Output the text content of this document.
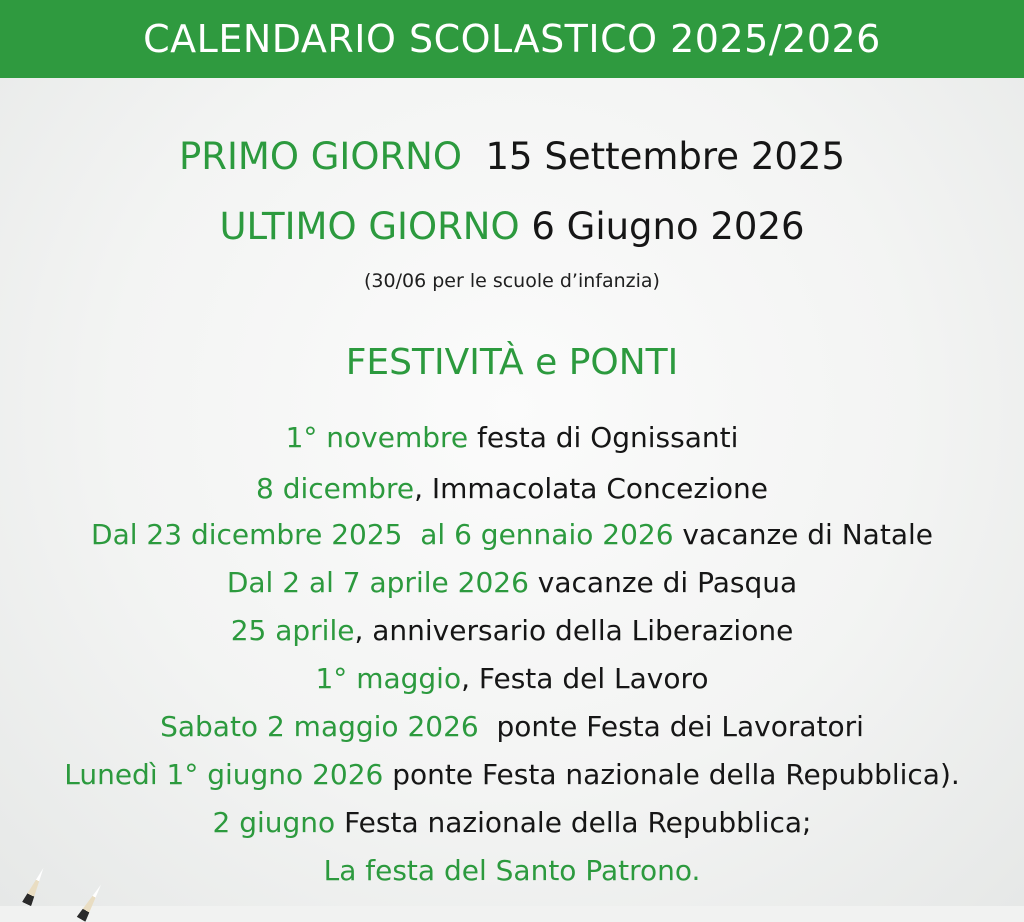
CALENDARIO SCOLASTICO 2025/2026
PRIMO GIORNO 15 Settembre 2025
ULTIMO GIORNO 6 Giugno 2026
(30/06 per le scuole d’infanzia)
FESTIVITÀ e PONTI
1° novembre festa di Ognissanti
8 dicembre, Immacolata Concezione
Dal 23 dicembre 2025  al 6 gennaio 2026 vacanze di Natale
Dal 2 al 7 aprile 2026 vacanze di Pasqua
25 aprile, anniversario della Liberazione
1° maggio, Festa del Lavoro
Sabato 2 maggio 2026  ponte Festa dei Lavoratori
Lunedì 1° giugno 2026 ponte Festa nazionale della Repubblica).
2 giugno Festa nazionale della Repubblica;
La festa del Santo Patrono.
